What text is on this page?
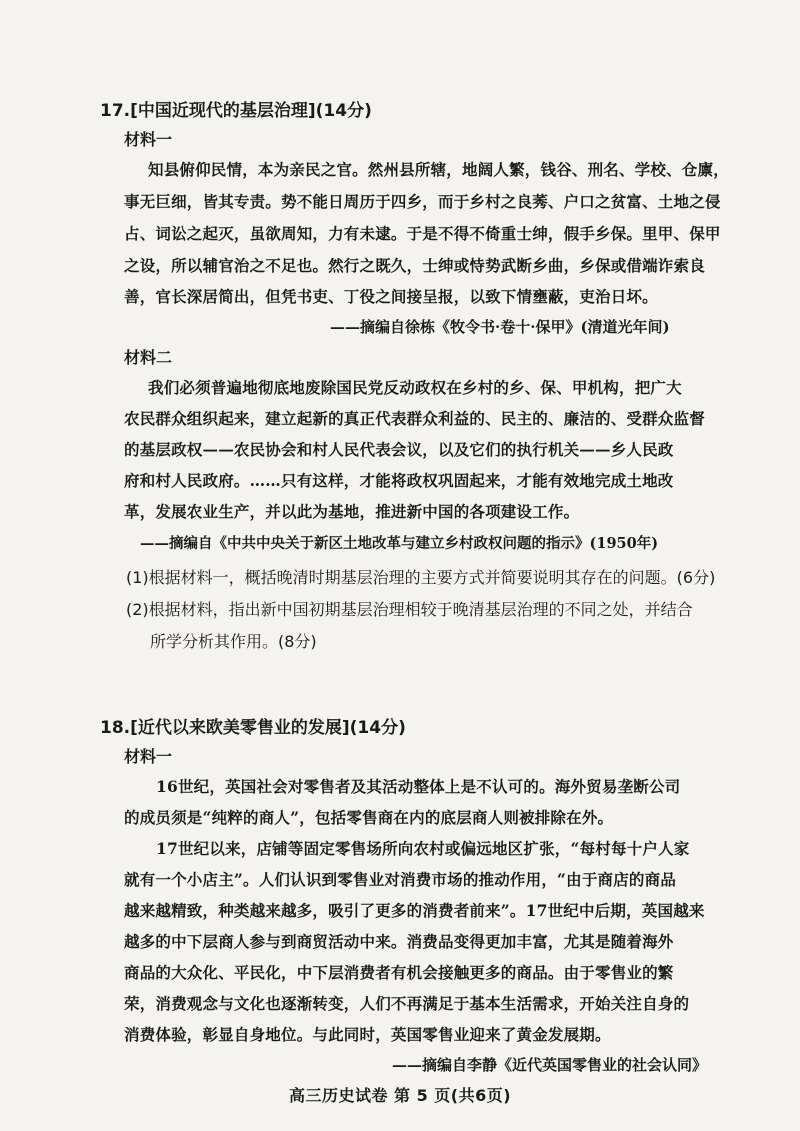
17.[中国近现代的基层治理](14分)
材料一
知县俯仰民情，本为亲民之官。然州县所辖，地阔人繁，钱谷、刑名、学校、仓廪，
事无巨细，皆其专责。势不能日周历于四乡，而于乡村之良莠、户口之贫富、土地之侵
占、词讼之起灭，虽欲周知，力有未逮。于是不得不倚重士绅，假手乡保。里甲、保甲
之设，所以辅官治之不足也。然行之既久，士绅或恃势武断乡曲，乡保或借端诈索良
善，官长深居简出，但凭书吏、丁役之间接呈报，以致下情壅蔽，吏治日坏。
——摘编自徐栋《牧令书·卷十·保甲》(清道光年间)
材料二
我们必须普遍地彻底地废除国民党反动政权在乡村的乡、保、甲机构，把广大
农民群众组织起来，建立起新的真正代表群众利益的、民主的、廉洁的、受群众监督
的基层政权——农民协会和村人民代表会议，以及它们的执行机关——乡人民政
府和村人民政府。……只有这样，才能将政权巩固起来，才能有效地完成土地改
革，发展农业生产，并以此为基地，推进新中国的各项建设工作。
——摘编自《中共中央关于新区土地改革与建立乡村政权问题的指示》(1950年)
(1)根据材料一，概括晚清时期基层治理的主要方式并简要说明其存在的问题。(6分)
(2)根据材料，指出新中国初期基层治理相较于晚清基层治理的不同之处，并结合
所学分析其作用。(8分)
18.[近代以来欧美零售业的发展](14分)
材料一
16世纪，英国社会对零售者及其活动整体上是不认可的。海外贸易垄断公司
的成员须是“纯粹的商人”，包括零售商在内的底层商人则被排除在外。
17世纪以来，店铺等固定零售场所向农村或偏远地区扩张，“每村每十户人家
就有一个小店主”。人们认识到零售业对消费市场的推动作用，“由于商店的商品
越来越精致，种类越来越多，吸引了更多的消费者前来”。17世纪中后期，英国越来
越多的中下层商人参与到商贸活动中来。消费品变得更加丰富，尤其是随着海外
商品的大众化、平民化，中下层消费者有机会接触更多的商品。由于零售业的繁
荣，消费观念与文化也逐渐转变，人们不再满足于基本生活需求，开始关注自身的
消费体验，彰显自身地位。与此同时，英国零售业迎来了黄金发展期。
——摘编自李静《近代英国零售业的社会认同》
高三历史试卷 第 5 页(共6页)
